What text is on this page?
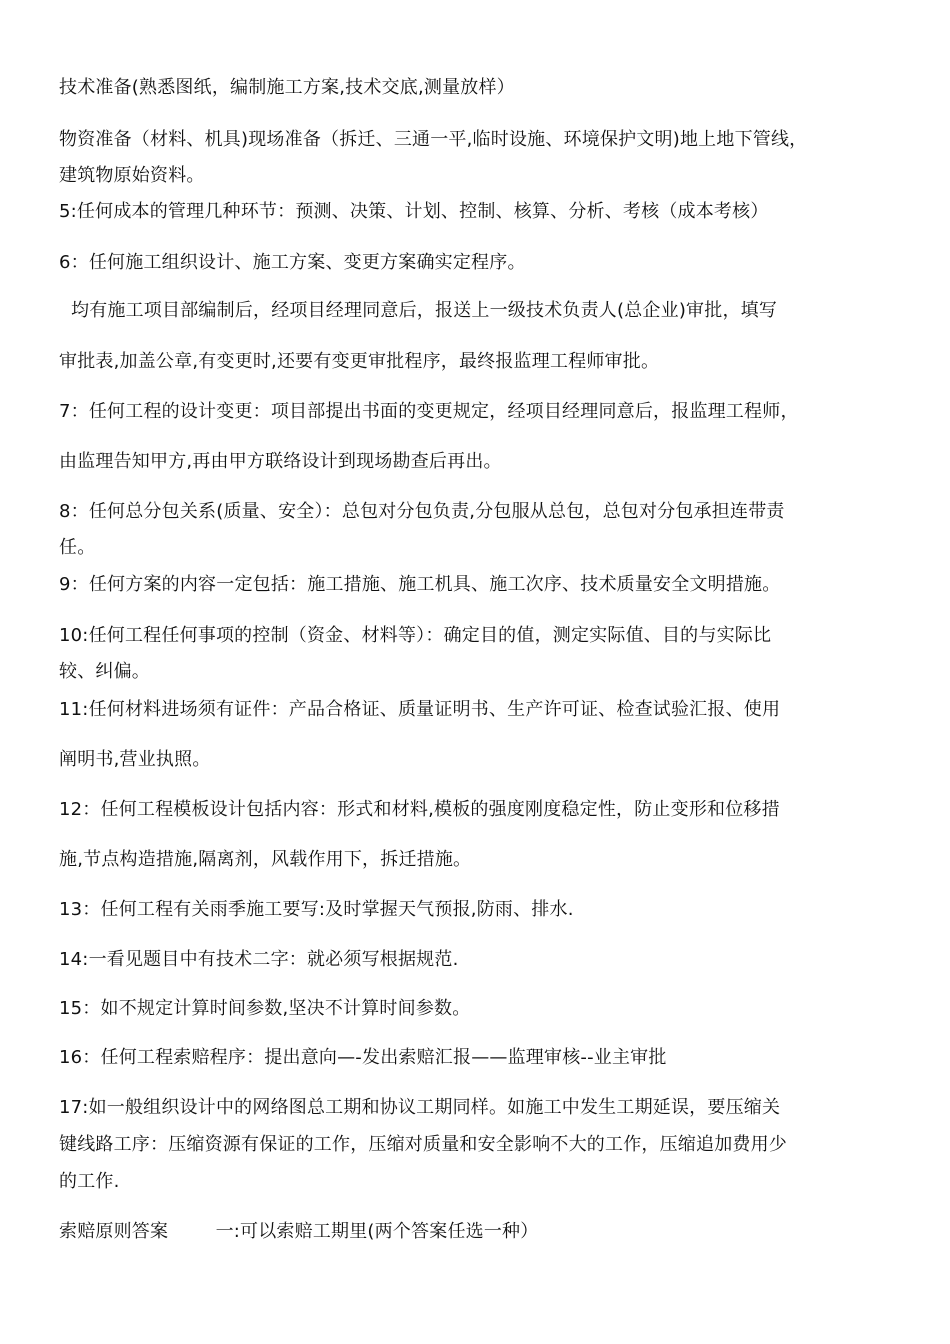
技术准备(熟悉图纸，编制施工方案,技术交底,测量放样）
物资准备（材料、机具)现场准备（拆迁、三通一平,临时设施、环境保护文明)地上地下管线，
建筑物原始资料。
5:任何成本的管理几种环节：预测、决策、计划、控制、核算、分析、考核（成本考核）
6：任何施工组织设计、施工方案、变更方案确实定程序。
均有施工项目部编制后，经项目经理同意后，报送上一级技术负责人(总企业)审批，填写
审批表,加盖公章,有变更时,还要有变更审批程序，最终报监理工程师审批。
7：任何工程的设计变更：项目部提出书面的变更规定，经项目经理同意后，报监理工程师，
由监理告知甲方,再由甲方联络设计到现场勘查后再出。
8：任何总分包关系(质量、安全）：总包对分包负责,分包服从总包，总包对分包承担连带责
任。
9：任何方案的内容一定包括：施工措施、施工机具、施工次序、技术质量安全文明措施。
10:任何工程任何事项的控制（资金、材料等）：确定目的值，测定实际值、目的与实际比
较、纠偏。
11:任何材料进场须有证件：产品合格证、质量证明书、生产许可证、检查试验汇报、使用
阐明书,营业执照。
12：任何工程模板设计包括内容：形式和材料,模板的强度刚度稳定性，防止变形和位移措
施,节点构造措施,隔离剂，风载作用下，拆迁措施。
13：任何工程有关雨季施工要写:及时掌握天气预报,防雨、排水.
14:一看见题目中有技术二字：就必须写根据规范.
15：如不规定计算时间参数,坚决不计算时间参数。
16：任何工程索赔程序：提出意向—-发出索赔汇报——监理审核--业主审批
17:如一般组织设计中的网络图总工期和协议工期同样。如施工中发生工期延误，要压缩关
键线路工序：压缩资源有保证的工作，压缩对质量和安全影响不大的工作，压缩追加费用少
的工作.
索赔原则答案        一:可以索赔工期里(两个答案任选一种）
